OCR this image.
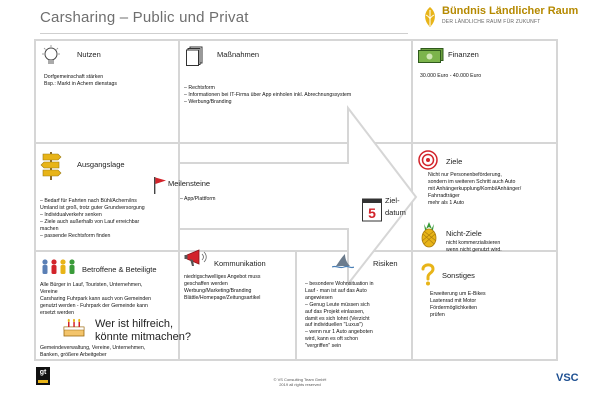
Carsharing – Public und Privat	Bündnis Ländlicher Raum
DER LÄNDLICHE RAUM FÜR ZUKUNFT
Nutzen
Dorfgemeinschaft stärken
Bsp.: Markt in Achern dienstags
Maßnahmen
– Rechtsform
– Informationen bei IT-Firma über App einholen inkl. Abrechnungssystem
– Werbung/Branding
Finanzen
30.000 Euro - 40.000 Euro
Ausgangslage
– Bedarf für Fahrten nach Bühl/Achern/ins
Umland ist groß, trotz guter Grundversorgung
– Individualverkehr senken
– Ziele auch außerhalb von Lauf erreichbar
machen
– passende Rechtsform finden
Meilensteine
– App/Plattform
5
Ziel-
datum
Ziele
Nicht nur Personenbeförderung,
sondern im weiteren Schritt auch Auto
mit Anhängerkupplung/Kombi/Anhänger/
Fahrradträger
mehr als 1 Auto
Nicht-Ziele
nicht kommerzialisieren
wenn nicht genutzt wird.
Betroffene & Beteiligte
Alle Bürger in Lauf, Touristen, Unternehmen,
Vereine
Carsharing Fuhrpark kann auch von Gemeinden
genutzt werden - Fuhrpark der Gemeinde kann
ersetzt werden
Wer ist hilfreich,
könnte mitmachen?
Gemeindeverwaltung, Vereine, Unternehmen,
Banken, größere Arbeitgeber
Kommunikation
niedrigschwelliges Angebot muss
geschaffen werden
Werbung/Marketing/Branding
Blättle/Homepage/Zeitungsartikel
Risiken
– besondere Wohnsituation in
Lauf - man ist auf das Auto
angewiesen
– Genug Leute müssen sich
auf das Projekt einlassen,
damit es sich lohnt (Verzicht
auf individuellen "Luxus")
– wenn nur 1 Auto angeboten
wird, kann es oft schon
"vergriffen" sein
Sonstiges
Erweiterung um E-Bikes
Lastenrad mit Motor
Fördermöglichkeiten
prüfen
gt
© VS Consulting Team GmbH
2019 all rights reserved
VSC
